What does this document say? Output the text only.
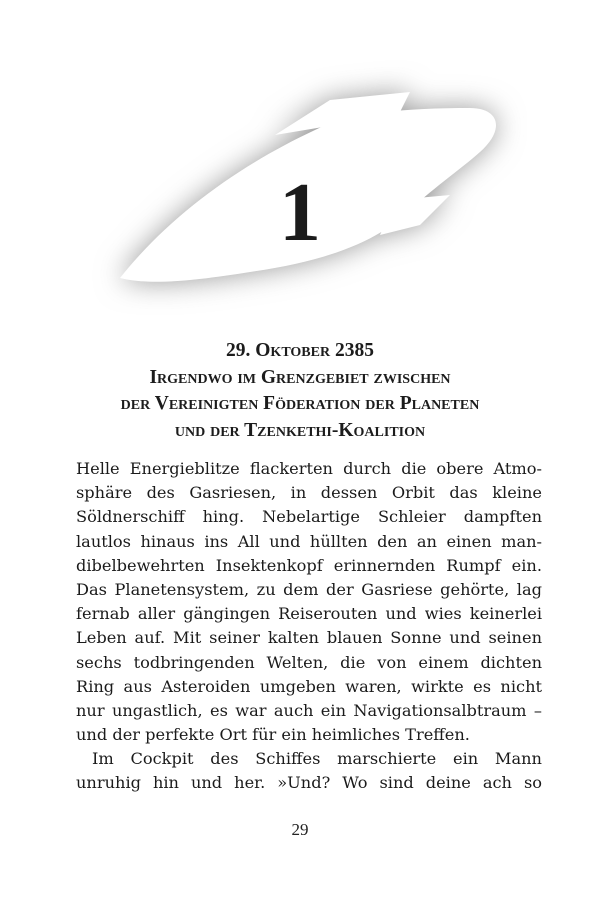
1
29. Oktober 2385
Irgendwo im Grenzgebiet zwischen
der Vereinigten Föderation der Planeten
und der Tzenkethi-Koalition
Helle Energieblitze flackerten durch die obere Atmo-
sphäre des Gasriesen, in dessen Orbit das kleine
Söldnerschiff hing. Nebelartige Schleier dampften
lautlos hinaus ins All und hüllten den an einen man-
dibelbewehrten Insektenkopf erinnernden Rumpf ein.
Das Planetensystem, zu dem der Gasriese gehörte, lag
fernab aller gängingen Reiserouten und wies keinerlei
Leben auf. Mit seiner kalten blauen Sonne und seinen
sechs todbringenden Welten, die von einem dichten
Ring aus Asteroiden umgeben waren, wirkte es nicht
nur ungastlich, es war auch ein Navigationsalbtraum –
und der perfekte Ort für ein heimliches Treffen.
Im Cockpit des Schiffes marschierte ein Mann
unruhig hin und her. »Und? Wo sind deine ach so
29
